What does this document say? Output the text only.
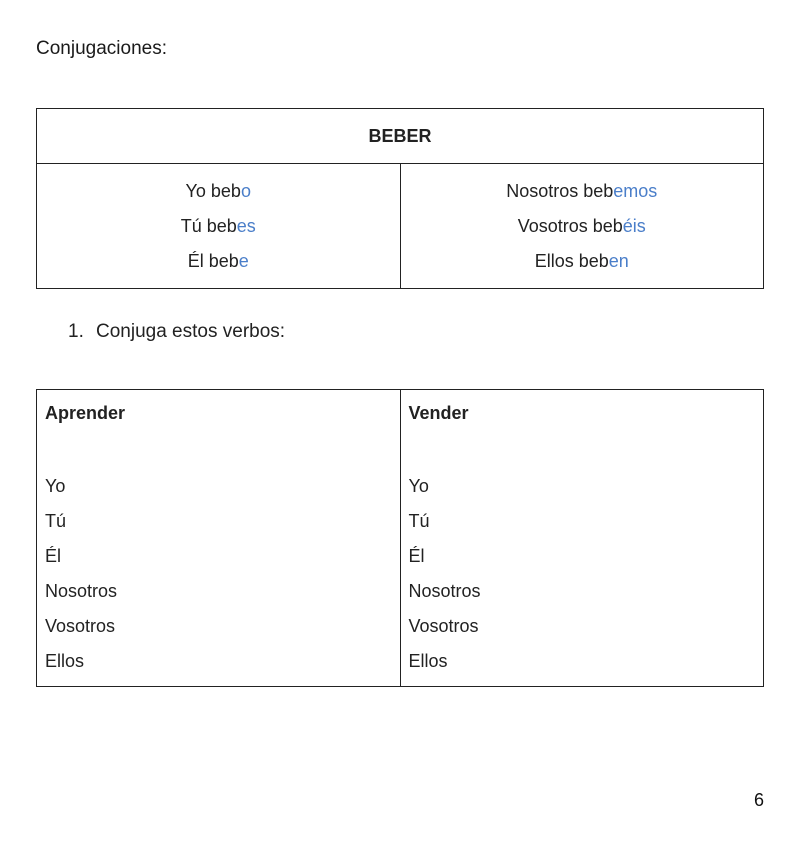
Conjugaciones:
BEBER

Yo bebo
Tú bebes
Él bebe

Nosotros bebemos
Vosotros bebéis
Ellos beben
1. Conjuga estos verbos:
Aprender
Yo
Tú
Él
Nosotros
Vosotros
Ellos

Vender
Yo
Tú
Él
Nosotros
Vosotros
Ellos
6
